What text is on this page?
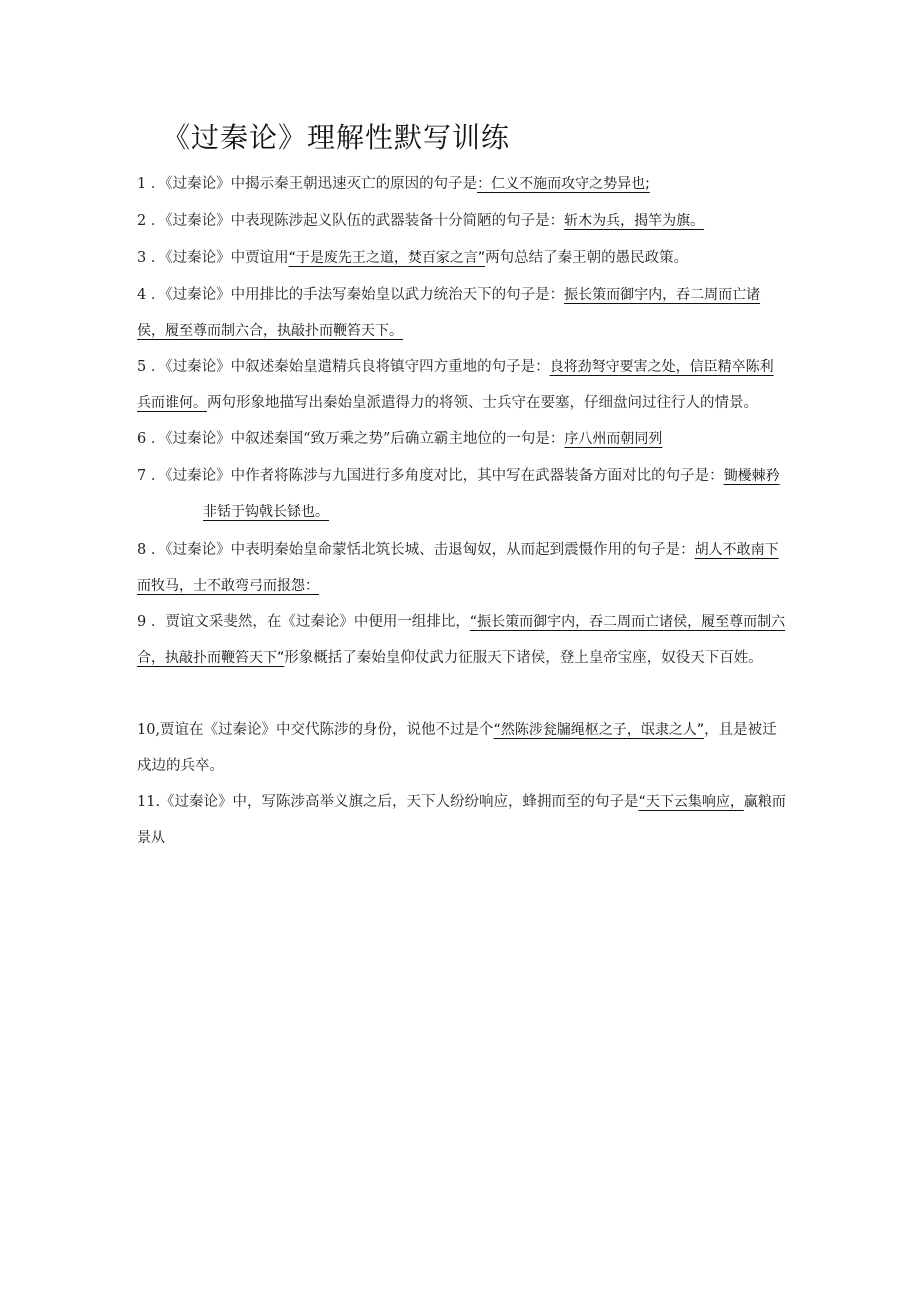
《过秦论》理解性默写训练
1 ．《过秦论》中揭示秦王朝迅速灭亡的原因的句子是：仁义不施而攻守之势异也;
2 ．《过秦论》中表现陈涉起义队伍的武器装备十分简陋的句子是：斩木为兵，揭竿为旗。
3 ．《过秦论》中贾谊用“于是废先王之道，焚百家之言”两句总结了秦王朝的愚民政策。
4 ．《过秦论》中用排比的手法写秦始皇以武力统治天下的句子是：振长策而御宇内，吞二周而亡诸侯，履至尊而制六合，执敲扑而鞭笞天下。
5 ．《过秦论》中叙述秦始皇遣精兵良将镇守四方重地的句子是：良将劲弩守要害之处，信臣精卒陈利兵而谁何。两句形象地描写出秦始皇派遣得力的将领、士兵守在要塞，仔细盘问过往行人的情景。
6 ．《过秦论》中叙述秦国“致万乘之势”后确立霸主地位的一句是：序八州而朝同列
7 ．《过秦论》中作者将陈涉与九国进行多角度对比，其中写在武器装备方面对比的句子是：锄櫌棘矜非铦于钩戟长铩也。
8 ．《过秦论》中表明秦始皇命蒙恬北筑长城、击退匈奴，从而起到震慑作用的句子是：胡人不敢南下而牧马，士不敢弯弓而报怨：
9 ．贾谊文采斐然，在《过秦论》中便用一组排比，“振长策而御宇内，吞二周而亡诸侯，履至尊而制六合，执敲扑而鞭笞天下”形象概括了秦始皇仰仗武力征服天下诸侯，登上皇帝宝座，奴役天下百姓。
10,贾谊在《过秦论》中交代陈涉的身份，说他不过是个“然陈涉瓮牖绳枢之子，氓隶之人”，且是被迁戍边的兵卒。
11.《过秦论》中，写陈涉高举义旗之后，天下人纷纷响应，蜂拥而至的句子是“天下云集响应，赢粮而景从
